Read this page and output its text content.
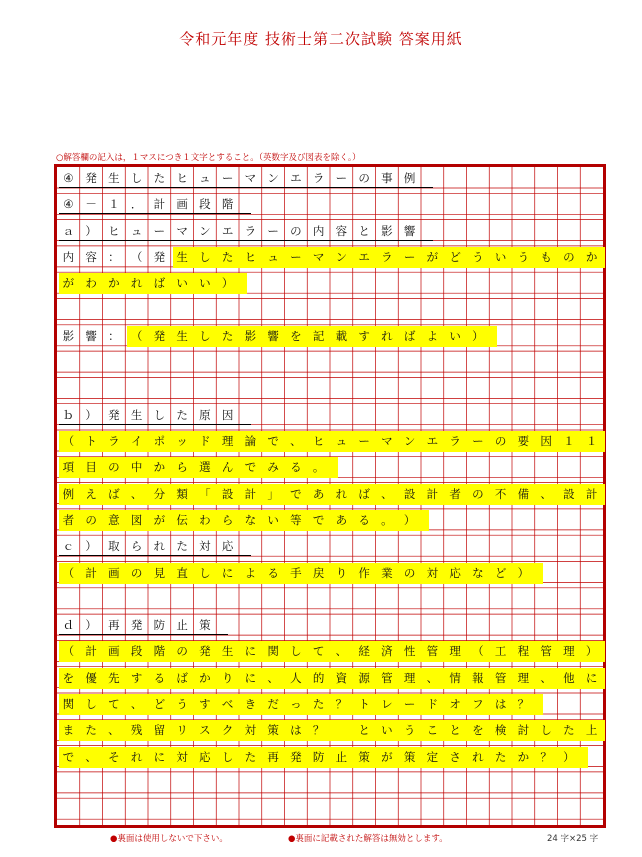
令和元年度 技術士第二次試験 答案用紙
○解答欄の記入は，１マスにつき１文字とすること。（英数字及び図表を除く。）
④	発 生 し た ヒ ュ ー マ ン エ ラ ー の 事 例
④	－ １ ． 計 画 段 階
ａ ） ヒ ュ ー マ ン エ ラ ー の 内 容 と 影 響
内 容 ： （ 発 生 し た ヒ ュ ー マ ン エ ラ ー が ど う い う も の か
が わ か れ ば い い ）
影 響 ： （ 発 生 し た 影 響 を 記 載 す れ ば よ い ）
ｂ ） 発 生 し た 原 因
（ ト ラ イ ポ ッ ド 理 論 で 、 ヒ ュ ー マ ン エ ラ ー の 要 因 １ １
項 目 の 中 か ら 選 ん で み る 。
例 え ば 、 分 類 「 設 計 」 で あ れ ば 、 設 計 者 の 不 備 、 設 計
者 の 意 図 が 伝 わ ら な い 等 で あ る 。 ）
ｃ ） 取 ら れ た 対 応
（ 計 画 の 見 直 し に よ る 手 戻 り 作 業 の 対 応 な ど ）
ｄ ） 再 発 防 止 策
（ 計 画 段 階 の 発 生 に 関 し て 、 経 済 性 管 理 （ 工 程 管 理 ）
を 優 先 す る ば か り に 、 人 的 資 源 管 理 、 情 報 管 理 、 他 に
関 し て 、 ど う す べ き だ っ た ？ ト レ ー ド オ フ は ？
ま た 、 残 留 リ ス ク 対 策 は ？
　	と い う こ と を 検 討 し た 上
で 、 そ れ に 対 応 し た 再 発 防 止 策 が 策 定 さ れ た か ？ ）
●裏面は使用しないで下さい。	●裏面に記載された解答は無効とします。	24 字×25 字
